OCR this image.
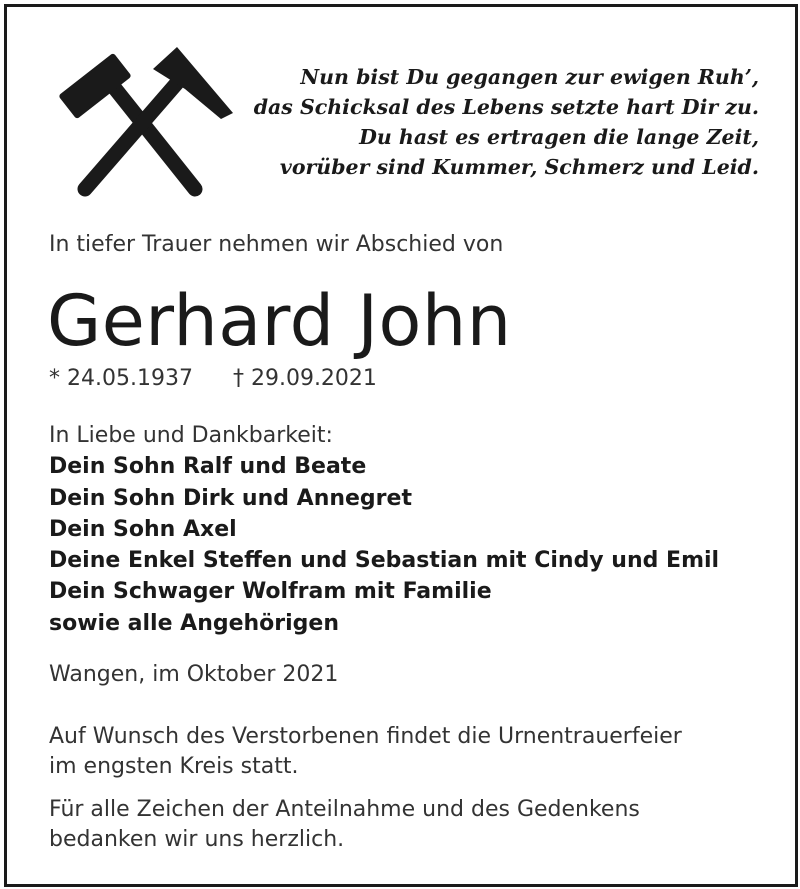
Nun bist Du gegangen zur ewigen Ruh’,
das Schicksal des Lebens setzte hart Dir zu.
Du hast es ertragen die lange Zeit,
vorüber sind Kummer, Schmerz und Leid.
In tiefer Trauer nehmen wir Abschied von
Gerhard John
* 24.05.1937 † 29.09.2021
In Liebe und Dankbarkeit:
Dein Sohn Ralf und Beate
Dein Sohn Dirk und Annegret
Dein Sohn Axel
Deine Enkel Steffen und Sebastian mit Cindy und Emil
Dein Schwager Wolfram mit Familie
sowie alle Angehörigen
Wangen, im Oktober 2021
Auf Wunsch des Verstorbenen findet die Urnentrauerfeier
im engsten Kreis statt.
Für alle Zeichen der Anteilnahme und des Gedenkens
bedanken wir uns herzlich.
